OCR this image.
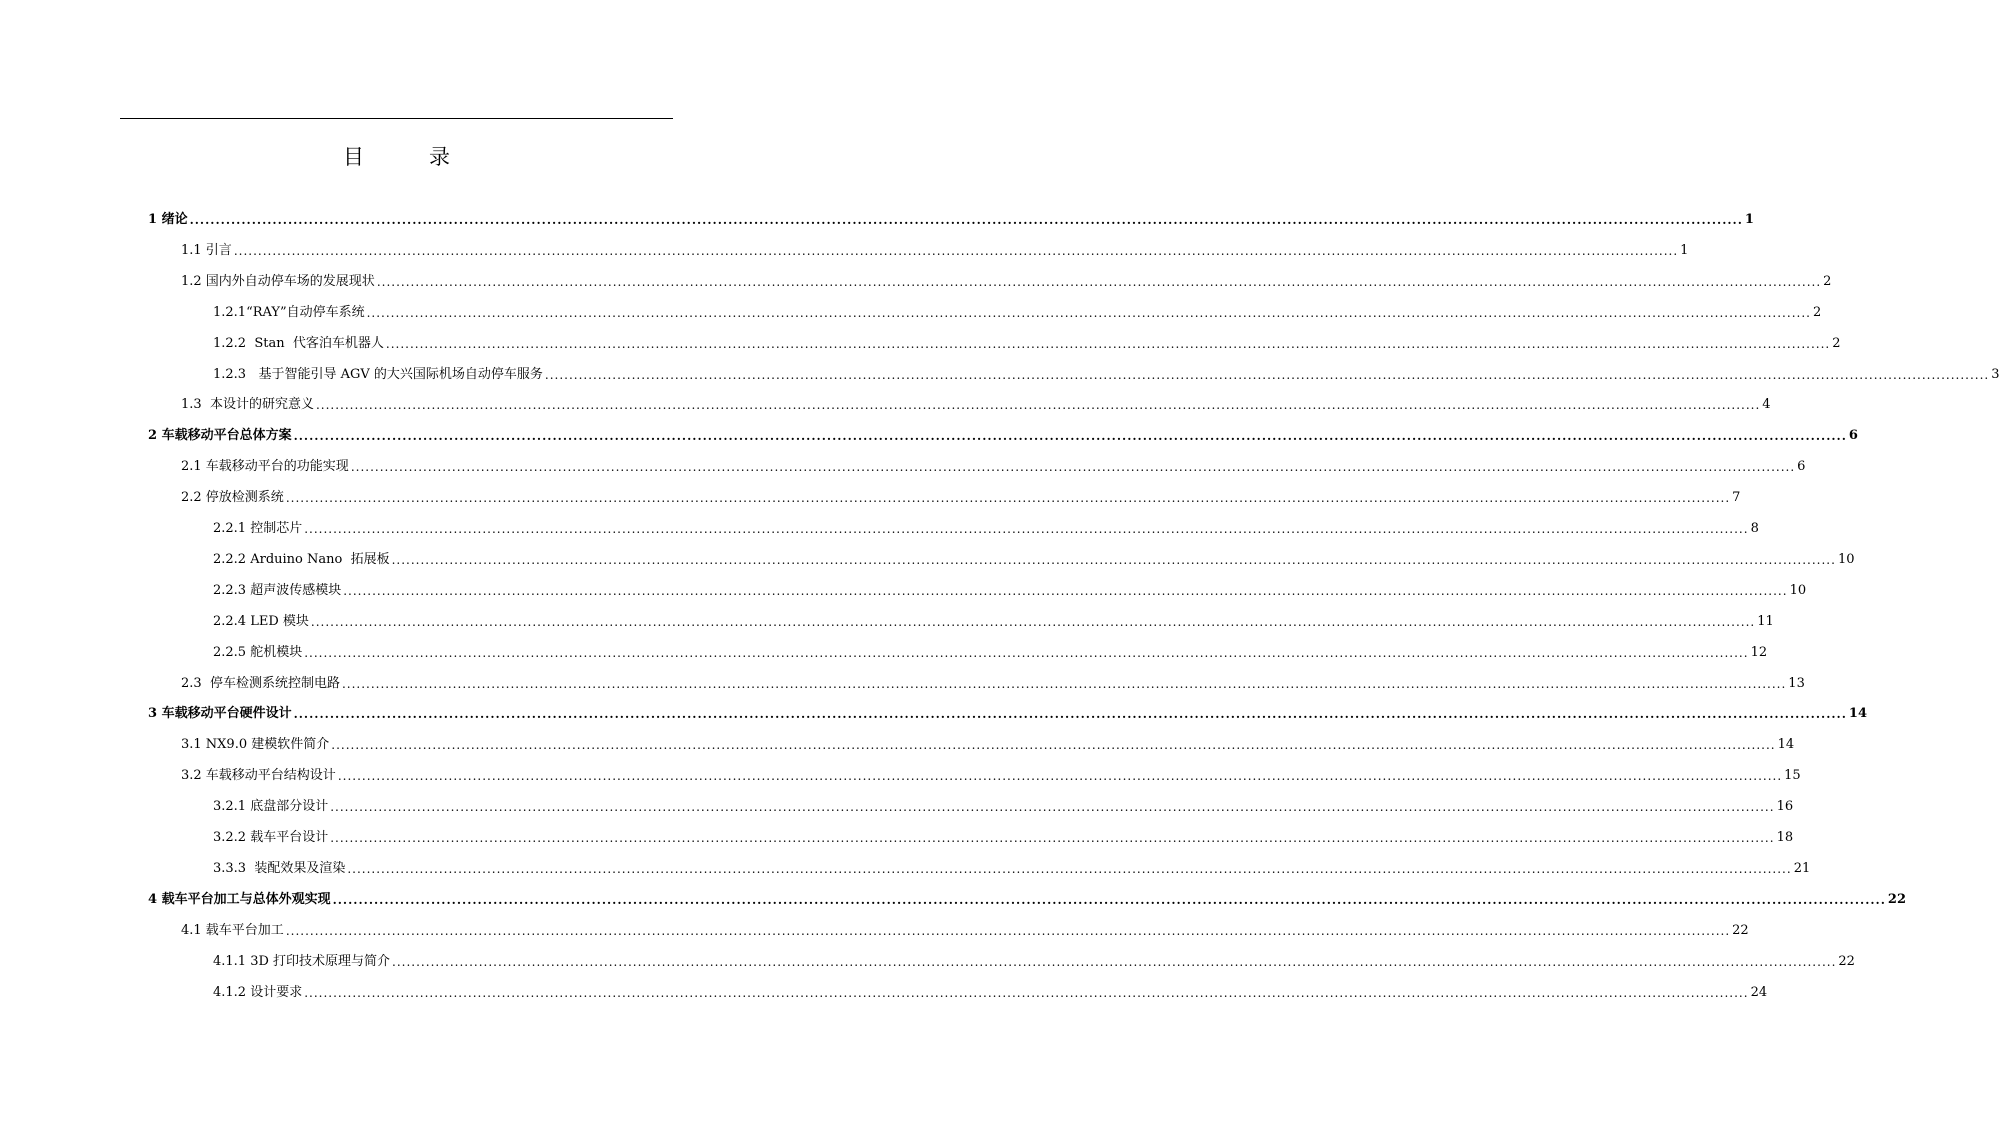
目　录
1 绪论 ............................................................................................................................................................................................................................................................................................................ 1
1.1 引言 ............................................................................................................................................................................................................................................................................................................ 1
1.2 国内外自动停车场的发展现状 ............................................................................................................................................................................................................................................................................................................ 2
1.2.1“RAY”自动停车系统 ............................................................................................................................................................................................................................................................................................................ 2
1.2.2  Stan  代客泊车机器人 ............................................................................................................................................................................................................................................................................................................ 2
1.2.3   基于智能引导 AGV 的大兴国际机场自动停车服务 ............................................................................................................................................................................................................................................................................................................ 3
1.3  本设计的研究意义 ............................................................................................................................................................................................................................................................................................................ 4
2 车载移动平台总体方案 ............................................................................................................................................................................................................................................................................................................ 6
2.1 车载移动平台的功能实现 ............................................................................................................................................................................................................................................................................................................ 6
2.2 停放检测系统 ............................................................................................................................................................................................................................................................................................................ 7
2.2.1 控制芯片 ............................................................................................................................................................................................................................................................................................................ 8
2.2.2 Arduino Nano  拓展板 ............................................................................................................................................................................................................................................................................................................ 10
2.2.3 超声波传感模块 ............................................................................................................................................................................................................................................................................................................ 10
2.2.4 LED 模块 ............................................................................................................................................................................................................................................................................................................ 11
2.2.5 舵机模块 ............................................................................................................................................................................................................................................................................................................ 12
2.3  停车检测系统控制电路 ............................................................................................................................................................................................................................................................................................................ 13
3 车载移动平台硬件设计 ............................................................................................................................................................................................................................................................................................................ 14
3.1 NX9.0 建模软件简介 ............................................................................................................................................................................................................................................................................................................ 14
3.2 车载移动平台结构设计 ............................................................................................................................................................................................................................................................................................................ 15
3.2.1 底盘部分设计 ............................................................................................................................................................................................................................................................................................................ 16
3.2.2 载车平台设计 ............................................................................................................................................................................................................................................................................................................ 18
3.3.3  装配效果及渲染 ............................................................................................................................................................................................................................................................................................................ 21
4 载车平台加工与总体外观实现 ............................................................................................................................................................................................................................................................................................................ 22
4.1 载车平台加工 ............................................................................................................................................................................................................................................................................................................ 22
4.1.1 3D 打印技术原理与简介 ............................................................................................................................................................................................................................................................................................................ 22
4.1.2 设计要求 ............................................................................................................................................................................................................................................................................................................ 24
